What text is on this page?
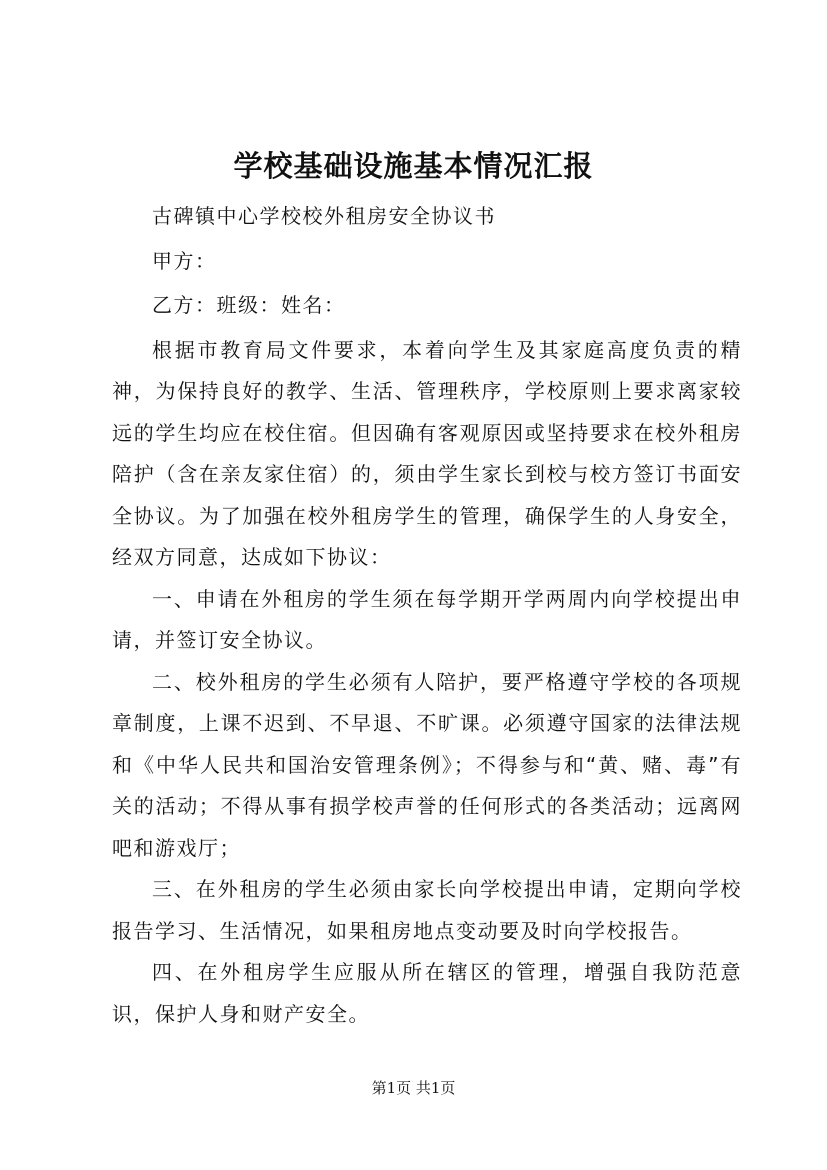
学校基础设施基本情况汇报

古碑镇中心学校校外租房安全协议书

甲方：

乙方：班级：姓名：

根据市教育局文件要求，本着向学生及其家庭高度负责的精神，为保持良好的教学、生活、管理秩序，学校原则上要求离家较远的学生均应在校住宿。但因确有客观原因或坚持要求在校外租房陪护（含在亲友家住宿）的，须由学生家长到校与校方签订书面安全协议。为了加强在校外租房学生的管理，确保学生的人身安全，经双方同意，达成如下协议：

一、申请在外租房的学生须在每学期开学两周内向学校提出申请，并签订安全协议。

二、校外租房的学生必须有人陪护，要严格遵守学校的各项规章制度，上课不迟到、不早退、不旷课。必须遵守国家的法律法规和《中华人民共和国治安管理条例》；不得参与和“黄、赌、毒”有关的活动；不得从事有损学校声誉的任何形式的各类活动；远离网吧和游戏厅；

三、在外租房的学生必须由家长向学校提出申请，定期向学校报告学习、生活情况，如果租房地点变动要及时向学校报告。

四、在外租房学生应服从所在辖区的管理，增强自我防范意识，保护人身和财产安全。

第1页 共1页
